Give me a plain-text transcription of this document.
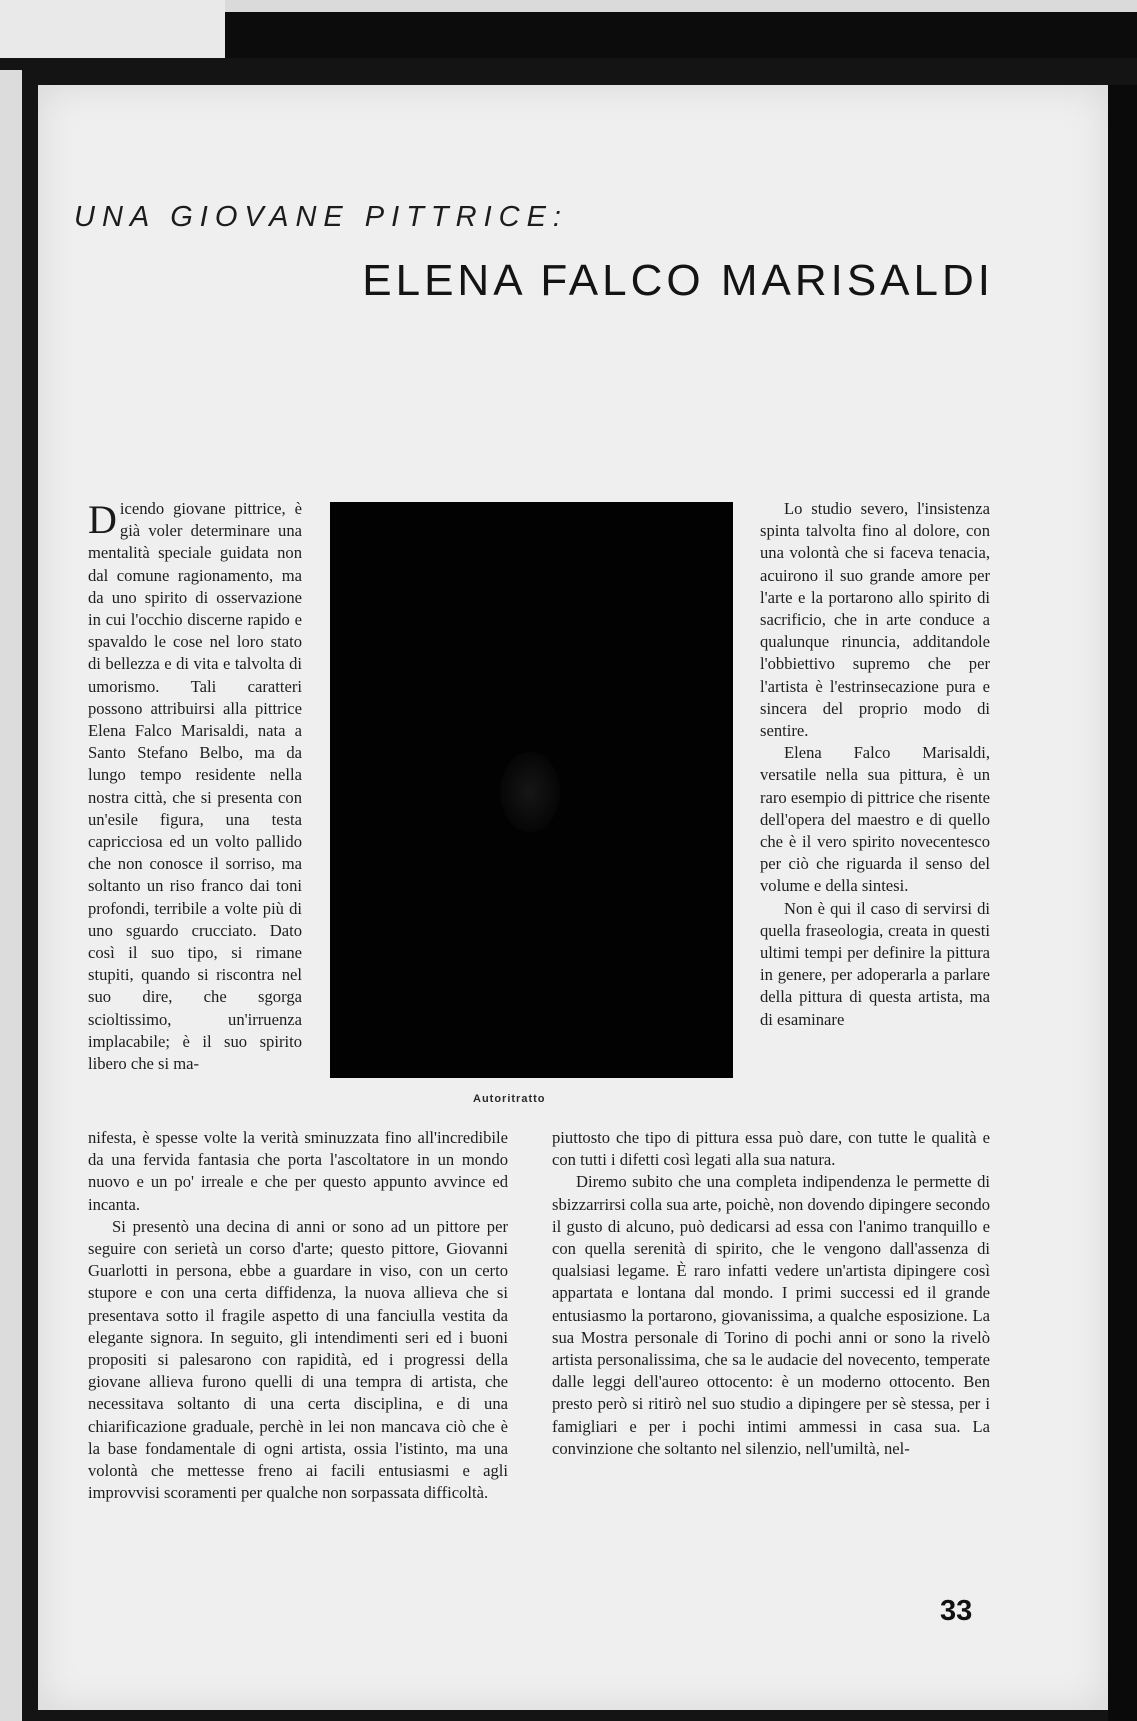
UNA GIOVANE PITTRICE:
ELENA FALCO MARISALDI

Dicendo giovane pittrice, è già voler determinare una mentalità speciale guidata non dal comune ragionamento, ma da uno spirito di osservazione in cui l'occhio discerne rapido e spavaldo le cose nel loro stato di bellezza e di vita e talvolta di umorismo. Tali caratteri possono attribuirsi alla pittrice Elena Falco Marisaldi, nata a Santo Stefano Belbo, ma da lungo tempo residente nella nostra città, che si presenta con un'esile figura, una testa capricciosa ed un volto pallido che non conosce il sorriso, ma soltanto un riso franco dai toni profondi, terribile a volte più di uno sguardo crucciato. Dato così il suo tipo, si rimane stupiti, quando si riscontra nel suo dire, che sgorga scioltissimo, un'irruenza implacabile; è il suo spirito libero che si ma-

Autoritratto

Lo studio severo, l'insistenza spinta talvolta fino al dolore, con una volontà che si faceva tenacia, acuirono il suo grande amore per l'arte e la portarono allo spirito di sacrificio, che in arte conduce a qualunque rinuncia, additandole l'obbiettivo supremo che per l'artista è l'estrinsecazione pura e sincera del proprio modo di sentire.

Elena Falco Marisaldi, versatile nella sua pittura, è un raro esempio di pittrice che risente dell'opera del maestro e di quello che è il vero spirito novecentesco per ciò che riguarda il senso del volume e della sintesi.

Non è qui il caso di servirsi di quella fraseologia, creata in questi ultimi tempi per definire la pittura in genere, per adoperarla a parlare della pittura di questa artista, ma di esaminare

nifesta, è spesse volte la verità sminuzzata fino all'incredibile da una fervida fantasia che porta l'ascoltatore in un mondo nuovo e un po' irreale e che per questo appunto avvince ed incanta.

Si presentò una decina di anni or sono ad un pittore per seguire con serietà un corso d'arte; questo pittore, Giovanni Guarlotti in persona, ebbe a guardare in viso, con un certo stupore e con una certa diffidenza, la nuova allieva che si presentava sotto il fragile aspetto di una fanciulla vestita da elegante signora. In seguito, gli intendimenti seri ed i buoni propositi si palesarono con rapidità, ed i progressi della giovane allieva furono quelli di una tempra di artista, che necessitava soltanto di una certa disciplina, e di una chiarificazione graduale, perchè in lei non mancava ciò che è la base fondamentale di ogni artista, ossia l'istinto, ma una volontà che mettesse freno ai facili entusiasmi e agli improvvisi scoramenti per qualche non sorpassata difficoltà.

piuttosto che tipo di pittura essa può dare, con tutte le qualità e con tutti i difetti così legati alla sua natura.

Diremo subito che una completa indipendenza le permette di sbizzarrirsi colla sua arte, poichè, non dovendo dipingere secondo il gusto di alcuno, può dedicarsi ad essa con l'animo tranquillo e con quella serenità di spirito, che le vengono dall'assenza di qualsiasi legame. È raro infatti vedere un'artista dipingere così appartata e lontana dal mondo. I primi successi ed il grande entusiasmo la portarono, giovanissima, a qualche esposizione. La sua Mostra personale di Torino di pochi anni or sono la rivelò artista personalissima, che sa le audacie del novecento, temperate dalle leggi dell'aureo ottocento: è un moderno ottocento. Ben presto però si ritirò nel suo studio a dipingere per sè stessa, per i famigliari e per i pochi intimi ammessi in casa sua. La convinzione che soltanto nel silenzio, nell'umiltà, nel-

33
